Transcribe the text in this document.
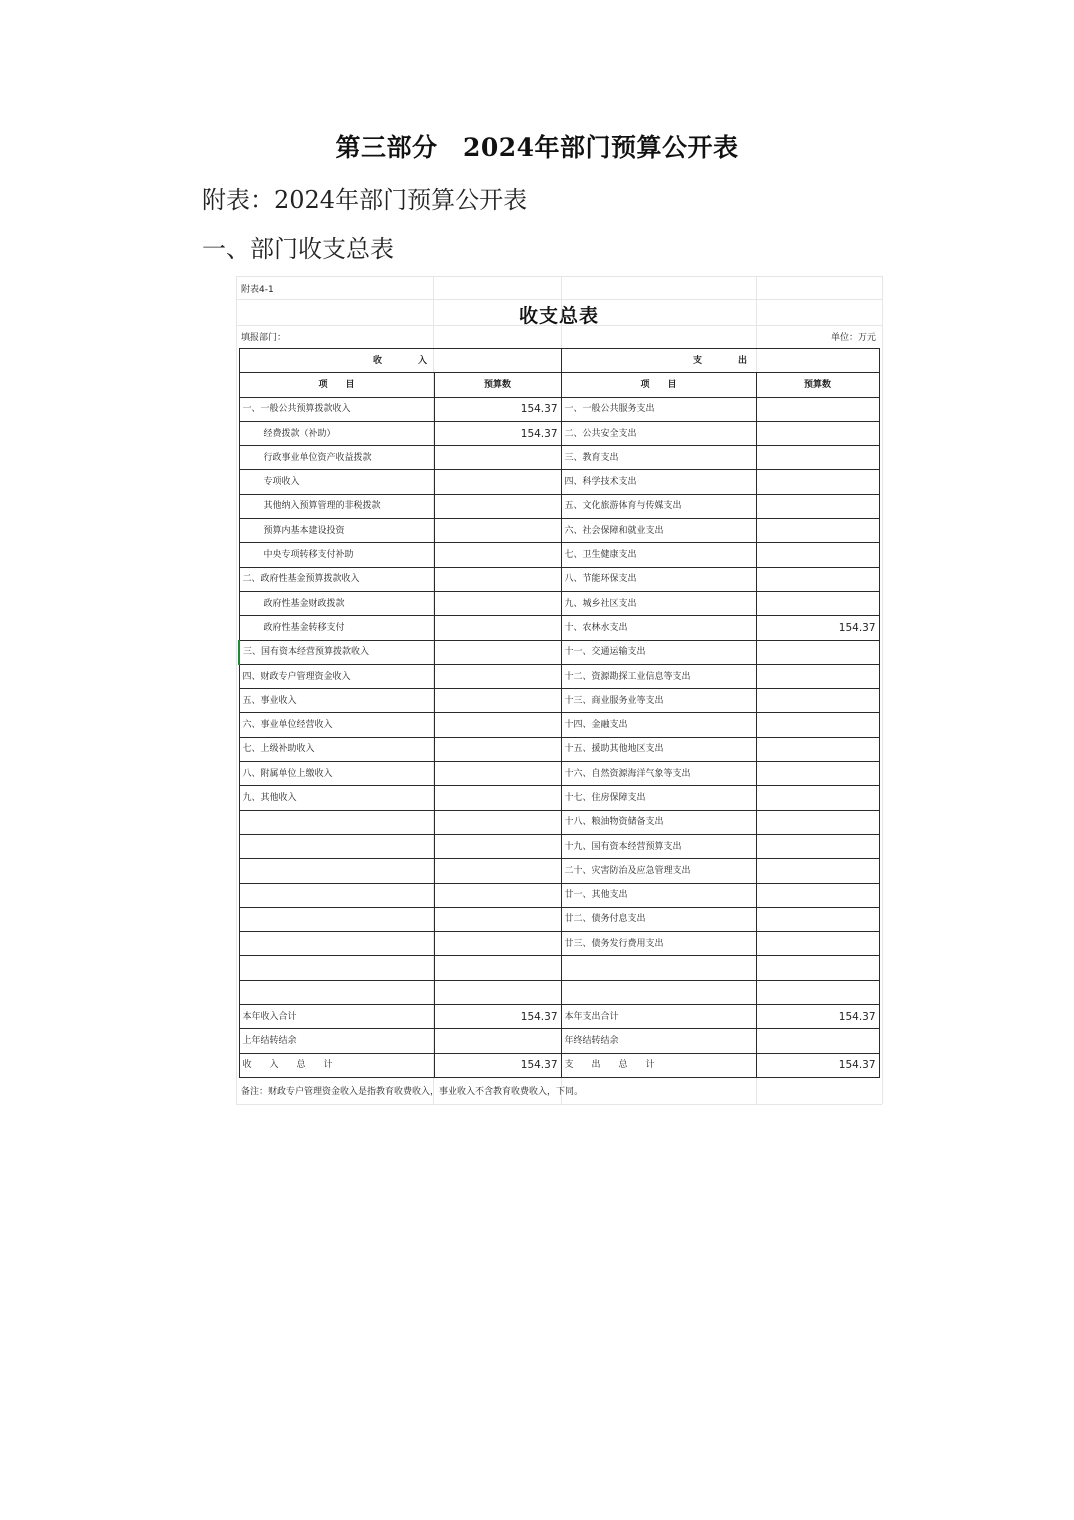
第三部分　2024年部门预算公开表
附表：2024年部门预算公开表
一、部门收支总表
附表4-1
收支总表
填报部门：	单位：万元
收　　　　入		支　　　　出	
项　　目	预算数	项　　目	预算数
一、一般公共预算拨款收入	154.37	一、一般公共服务支出	
经费拨款（补助）	154.37	二、公共安全支出	
行政事业单位资产收益拨款		三、教育支出	
专项收入		四、科学技术支出	
其他纳入预算管理的非税拨款		五、文化旅游体育与传媒支出	
预算内基本建设投资		六、社会保障和就业支出	
中央专项转移支付补助		七、卫生健康支出	
二、政府性基金预算拨款收入		八、节能环保支出	
政府性基金财政拨款		九、城乡社区支出	
政府性基金转移支付		十、农林水支出	154.37
三、国有资本经营预算拨款收入		十一、交通运输支出	
四、财政专户管理资金收入		十二、资源勘探工业信息等支出	
五、事业收入		十三、商业服务业等支出	
六、事业单位经营收入		十四、金融支出	
七、上级补助收入		十五、援助其他地区支出	
八、附属单位上缴收入		十六、自然资源海洋气象等支出	
九、其他收入		十七、住房保障支出	
		十八、粮油物资储备支出	
		十九、国有资本经营预算支出	
		二十、灾害防治及应急管理支出	
		廿一、其他支出	
		廿二、债务付息支出	
		廿三、债务发行费用支出	

本年收入合计	154.37	本年支出合计	154.37
上年结转结余		年终结转结余	
收　　入　　总　　计	154.37	支　　出　　总　　计	154.37
备注：财政专户管理资金收入是指教育收费收入，事业收入不含教育收费收入，下同。
